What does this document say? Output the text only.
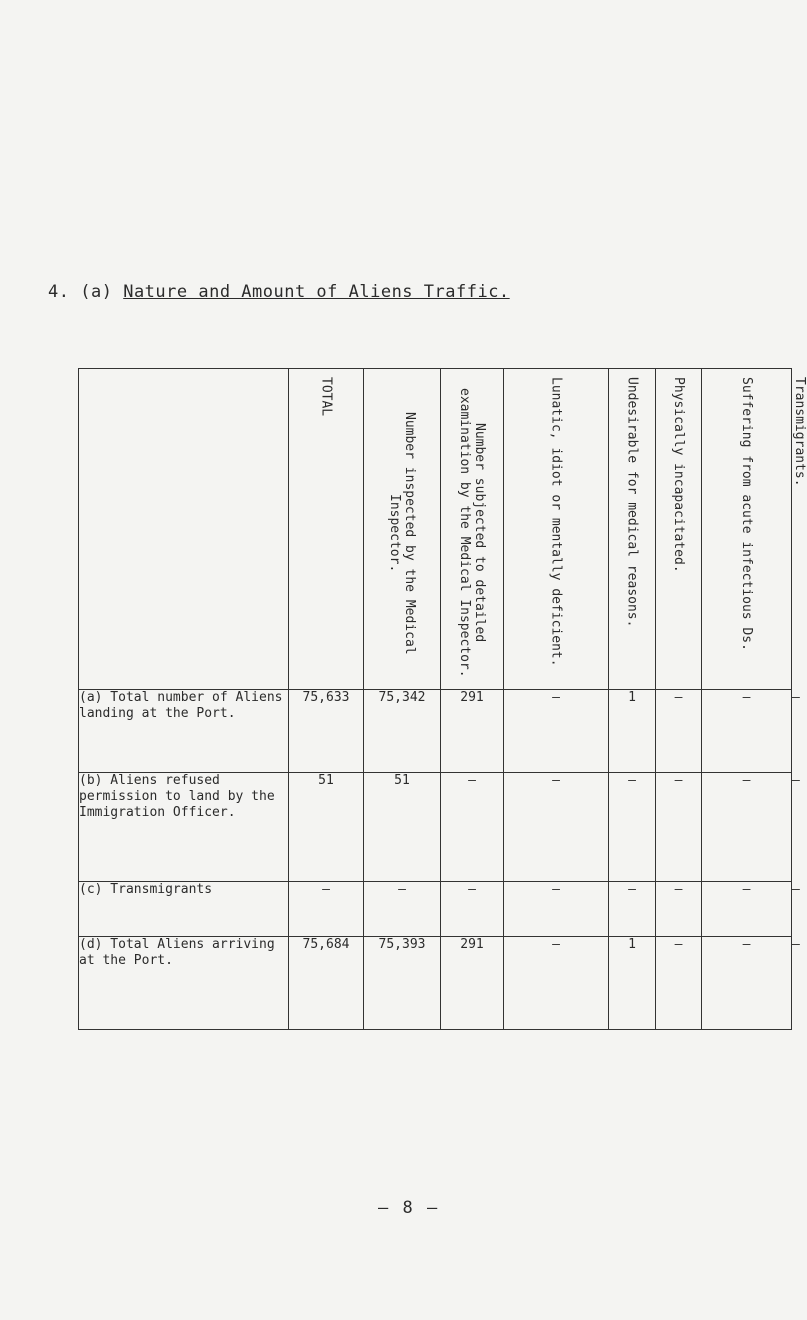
4. (a) Nature and Amount of Aliens Traffic.

	TOTAL	Number inspected by the Medical Inspector.	Number subjected to detailed examination by the Medical Inspector.	Lunatic, idiot or mentally deficient.	Undesirable for medical reasons.	Physically incapacitated.	Suffering from acute infectious Ds.	Transmigrants.

(a) Total number of Aliens landing at the Port.	75,633	75,342	291	–	1	–	–	–
(b) Aliens refused permission to land by the Immigration Officer.	51	51	–	–	–	–	–	–
(c) Transmigrants	–	–	–	–	–	–	–	–
(d) Total Aliens arriving at the Port.	75,684	75,393	291	–	1	–	–	–
– 8 –
